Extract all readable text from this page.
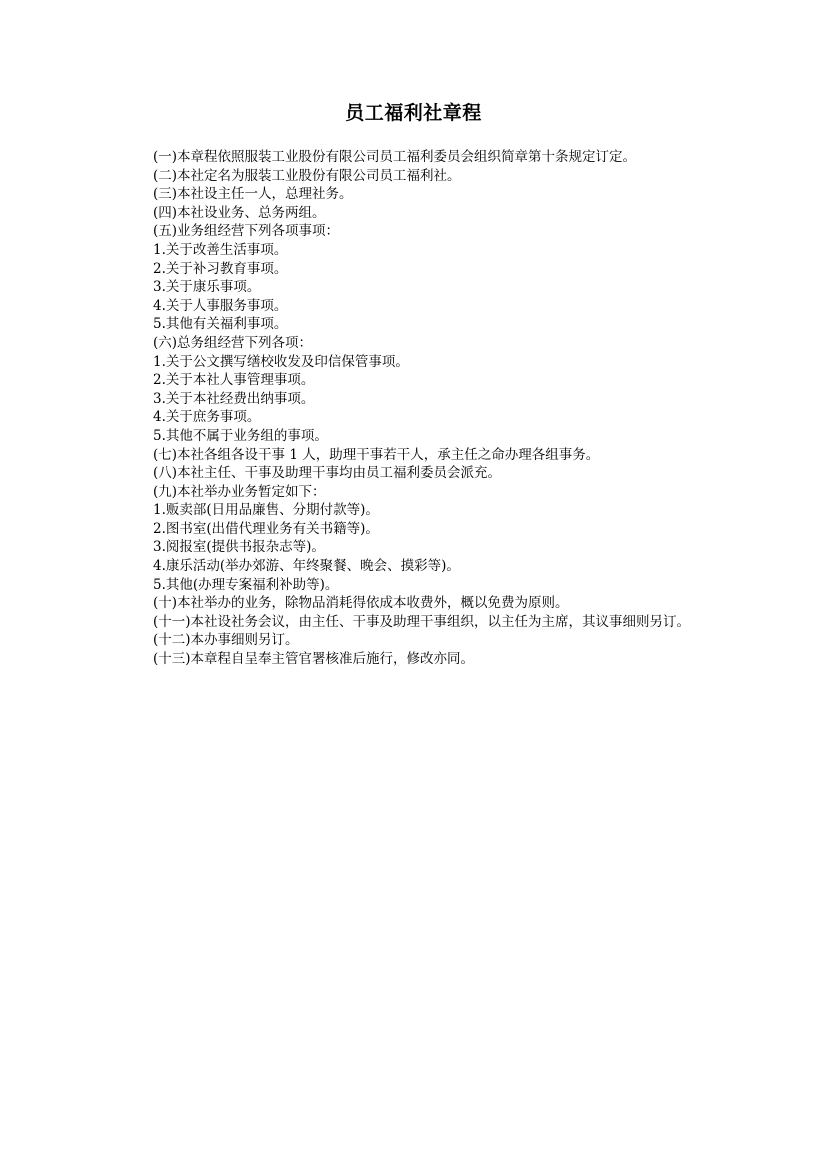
员工福利社章程

(一)本章程依照服装工业股份有限公司员工福利委员会组织简章第十条规定订定。

(二)本社定名为服装工业股份有限公司员工福利社。

(三)本社设主任一人，总理社务。

(四)本社设业务、总务两组。

(五)业务组经营下列各项事项：

1.关于改善生活事项。

2.关于补习教育事项。

3.关于康乐事项。

4.关于人事服务事项。

5.其他有关福利事项。

(六)总务组经营下列各项：

1.关于公文撰写缮校收发及印信保管事项。

2.关于本社人事管理事项。

3.关于本社经费出纳事项。

4.关于庶务事项。

5.其他不属于业务组的事项。

(七)本社各组各设干事 1 人，助理干事若干人，承主任之命办理各组事务。

(八)本社主任、干事及助理干事均由员工福利委员会派充。

(九)本社举办业务暂定如下：

1.贩卖部(日用品廉售、分期付款等)。

2.图书室(出借代理业务有关书籍等)。

3.阅报室(提供书报杂志等)。

4.康乐活动(举办郊游、年终聚餐、晚会、摸彩等)。

5.其他(办理专案福利补助等)。

(十)本社举办的业务，除物品消耗得依成本收费外，概以免费为原则。

(十一)本社设社务会议，由主任、干事及助理干事组织，以主任为主席，其议事细则另订。

(十二)本办事细则另订。

(十三)本章程自呈奉主管官署核准后施行，修改亦同。
